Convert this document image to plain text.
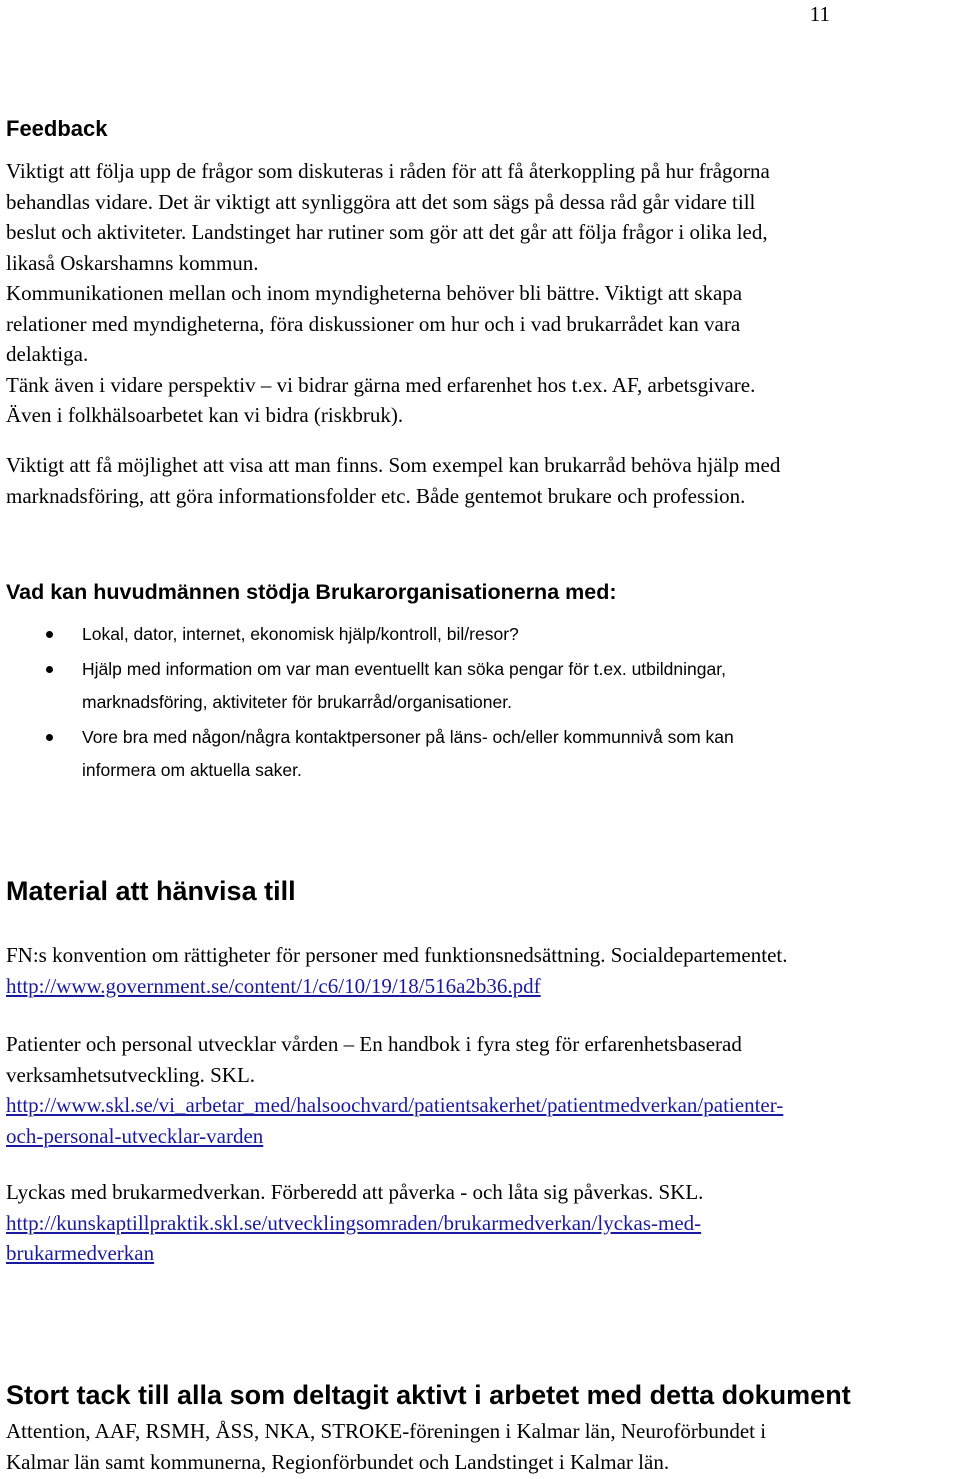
11
Feedback
Viktigt att följa upp de frågor som diskuteras i råden för att få återkoppling på hur frågorna
behandlas vidare. Det är viktigt att synliggöra att det som sägs på dessa råd går vidare till
beslut och aktiviteter. Landstinget har rutiner som gör att det går att följa frågor i olika led,
likaså Oskarshamns kommun.
Kommunikationen mellan och inom myndigheterna behöver bli bättre. Viktigt att skapa
relationer med myndigheterna, föra diskussioner om hur och i vad brukarrådet kan vara
delaktiga.
Tänk även i vidare perspektiv – vi bidrar gärna med erfarenhet hos t.ex. AF, arbetsgivare.
Även i folkhälsoarbetet kan vi bidra (riskbruk).
Viktigt att få möjlighet att visa att man finns. Som exempel kan brukarråd behöva hjälp med
marknadsföring, att göra informationsfolder etc. Både gentemot brukare och profession.
Vad kan huvudmännen stödja Brukarorganisationerna med:
Lokal, dator, internet, ekonomisk hjälp/kontroll, bil/resor?
Hjälp med information om var man eventuellt kan söka pengar för t.ex. utbildningar,
marknadsföring, aktiviteter för brukarråd/organisationer.
Vore bra med någon/några kontaktpersoner på läns- och/eller kommunnivå som kan
informera om aktuella saker.
Material att hänvisa till
FN:s konvention om rättigheter för personer med funktionsnedsättning. Socialdepartementet.
http://www.government.se/content/1/c6/10/19/18/516a2b36.pdf
Patienter och personal utvecklar vården – En handbok i fyra steg för erfarenhetsbaserad
verksamhetsutveckling. SKL.
http://www.skl.se/vi_arbetar_med/halsoochvard/patientsakerhet/patientmedverkan/patienter-
och-personal-utvecklar-varden
Lyckas med brukarmedverkan. Förberedd att påverka - och låta sig påverkas. SKL.
http://kunskaptillpraktik.skl.se/utvecklingsomraden/brukarmedverkan/lyckas-med-
brukarmedverkan
Stort tack till alla som deltagit aktivt i arbetet med detta dokument
Attention, AAF, RSMH, ÅSS, NKA, STROKE-föreningen i Kalmar län, Neuroförbundet i
Kalmar län samt kommunerna, Regionförbundet och Landstinget i Kalmar län.
